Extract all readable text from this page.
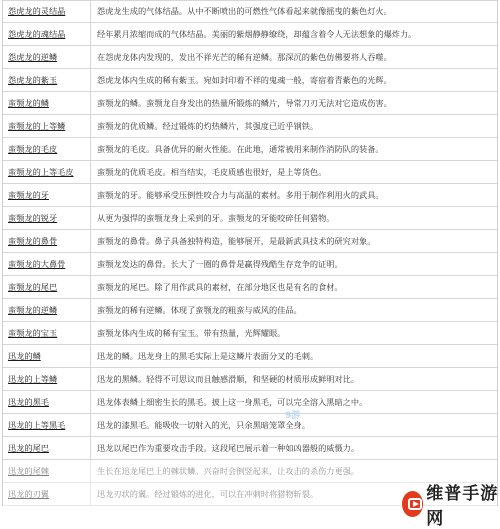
怨虎龙的灵结晶	怨虎龙生成的气体结晶。从中不断喷出的可燃性气体看起来就像摇曳的紫色灯火。
怨虎龙的魂结晶	经年累月浓缩而成的气体结晶。美丽的紫烟静静缭绕，却蕴含着令人无法想象的爆炸力。
怨虎龙的逆鳞	在怨虎龙体内发现的，发出不祥光芒的稀有逆鳞。那深沉的紫色仿佛要将人吞噬。
怨虎龙的紫玉	怨虎龙体内生成的稀有紫玉。宛如封印着不祥的鬼魂一般，寄宿着青紫色的光辉。
蛮颚龙的鳞	蛮颚龙的鳞。蛮颚龙自身发出的热量所锻炼的鳞片，导常刀刃无法对它造成伤害。
蛮颚龙的上等鳞	蛮颚龙的优质鳞。经过锻炼的灼热鳞片，其强度已近乎钢铁。
蛮颚龙的毛皮	蛮颚龙的毛皮。具备优异的耐火性能。在此地，通常被用来制作消防队的装备。
蛮颚龙的上等毛皮	蛮颚龙的优质毛皮。相当结实，毛皮质感也很好，是上等货色。
蛮颚龙的牙	蛮颚龙的牙。能够承受压倒性咬合力与高温的素材。多用于制作利用火的武具。
蛮颚龙的锐牙	从更为强悍的蛮颚龙身上采到的牙。蛮颚龙的牙能咬碎任何猎物。
蛮颚龙的鼻骨	蛮颚龙的鼻骨。鼻子具备独特构造，能够展开，是最新武具技术的研究对象。
蛮颚龙的大鼻骨	蛮颚龙发达的鼻骨。长大了一圈的鼻骨是赢得残酷生存竞争的证明。
蛮颚龙的尾巴	蛮颚龙的尾巴。除了用作武具的素材，在部分地区也是有名的食材。
蛮颚龙的逆鳞	蛮颚龙的稀有逆鳞。体现了蛮颚龙的粗蛮与威风的佳品。
蛮颚龙的宝玉	蛮颚龙体内生成的稀有宝玉。带有热量，光辉耀眼。
迅龙的鳞	迅龙的鳞。迅龙身上的黑毛实际上是这鳞片表面分叉的毛刺。
迅龙的上等鳞	迅龙的黑鳞。轻得不可思议而且触感滑顺，和坚硬的材质形成鲜明对比。
迅龙的黑毛	迅龙体表鳞上细密生长的黑毛。披上这一身黑毛，可以完全溶入黑暗之中。
迅龙的上等黑毛	迅龙的漆黑毛。能吸收一切射入的光，只余黑暗笼罩全身。
迅龙的尾巴	迅龙以尾巴作为重要攻击手段。这段尾巴展示着一种如凶器般的威慑力。
迅龙的尾棘	生长在迅龙尾巴上的棘状鳞。兴奋时会倒竖起来，让攻击的杀伤力更强。
迅龙的刃翼	迅龙刃状的翼。经过锻炼的进化，可以在冲刺时将猎物斩裂。
9游
维普手游网
